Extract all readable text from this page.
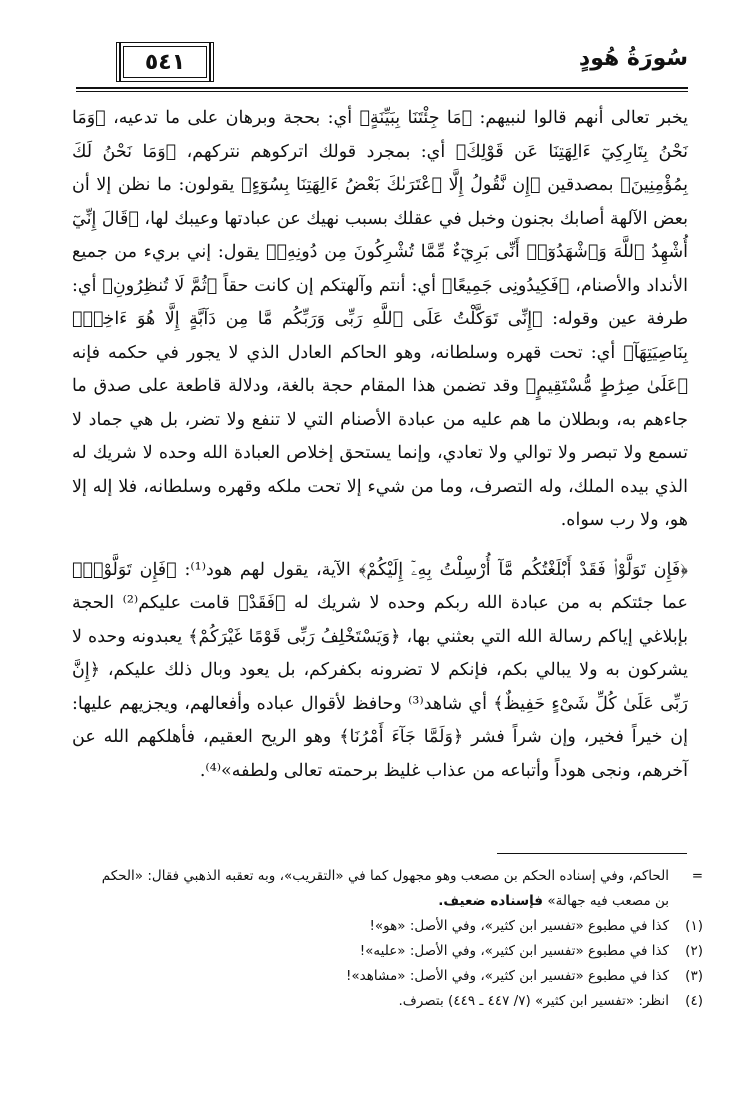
سُورَةُ هُودٍ
٥٤١

يخبر تعالى أنهم قالوا لنبيهم: ﴿مَا جِئْتَنَا بِبَيِّنَةٍ﴾ أي: بحجة وبرهان على ما تدعيه، ﴿وَمَا نَحْنُ بِتَارِكِيٓ ءَالِهَتِنَا عَن قَوْلِكَ﴾ أي: بمجرد قولك اتركوهم نتركهم، ﴿وَمَا نَحْنُ لَكَ بِمُؤْمِنِينَ﴾ بمصدقين ﴿إِن نَّقُولُ إِلَّا ٱعْتَرَىٰكَ بَعْضُ ءَالِهَتِنَا بِسُوٓءٍ﴾ يقولون: ما نظن إلا أن بعض الآلهة أصابك بجنون وخبل في عقلك بسبب نهيك عن عبادتها وعيبك لها، ﴿قَالَ إِنِّيٓ أُشْهِدُ ٱللَّهَ وَٱشْهَدُوٓا۟ أَنِّى بَرِيٓءٌ مِّمَّا تُشْرِكُونَ مِن دُونِهِۦ﴾ يقول: إني بريء من جميع الأنداد والأصنام، ﴿فَكِيدُونِى جَمِيعًا﴾ أي: أنتم وآلهتكم إن كانت حقاً ﴿ثُمَّ لَا تُنظِرُونِ﴾ أي: طرفة عين وقوله: ﴿إِنِّى تَوَكَّلْتُ عَلَى ٱللَّهِ رَبِّى وَرَبِّكُم مَّا مِن دَآبَّةٍ إِلَّا هُوَ ءَاخِذٌۢ بِنَاصِيَتِهَآ﴾ أي: تحت قهره وسلطانه، وهو الحاكم العادل الذي لا يجور في حكمه فإنه ﴿عَلَىٰ صِرَٰطٍ مُّسْتَقِيمٍ﴾ وقد تضمن هذا المقام حجة بالغة، ودلالة قاطعة على صدق ما جاءهم به، وبطلان ما هم عليه من عبادة الأصنام التي لا تنفع ولا تضر، بل هي جماد لا تسمع ولا تبصر ولا توالي ولا تعادي، وإنما يستحق إخلاص العبادة الله وحده لا شريك له الذي بيده الملك، وله التصرف، وما من شيء إلا تحت ملكه وقهره وسلطانه، فلا إله إلا هو، ولا رب سواه.

﴿فَإِن تَوَلَّوْا۟ فَقَدْ أَبْلَغْتُكُم مَّآ أُرْسِلْتُ بِهِۦٓ إِلَيْكُمْ﴾ الآية، يقول لهم هود⁽¹⁾: ﴿فَإِن تَوَلَّوْا۟﴾ عما جئتكم به من عبادة الله ربكم وحده لا شريك له ﴿فَقَدْ﴾ قامت عليكم⁽²⁾ الحجة بإبلاغي إياكم رسالة الله التي بعثني بها، ﴿وَيَسْتَخْلِفُ رَبِّى قَوْمًا غَيْرَكُمْ﴾ يعبدونه وحده لا يشركون به ولا يبالي بكم، فإنكم لا تضرونه بكفركم، بل يعود وبال ذلك عليكم، ﴿إِنَّ رَبِّى عَلَىٰ كُلِّ شَىْءٍ حَفِيظٌ﴾ أي شاهد⁽³⁾ وحافظ لأقوال عباده وأفعالهم، ويجزيهم عليها: إن خيراً فخير، وإن شراً فشر ﴿وَلَمَّا جَآءَ أَمْرُنَا﴾ وهو الريح العقيم، فأهلكهم الله عن آخرهم، ونجى هوداً وأتباعه من عذاب غليظ برحمته تعالى ولطفه»⁽⁴⁾.

=
الحاكم، وفي إسناده الحكم بن مصعب وهو مجهول كما في «التقريب»، وبه تعقبه الذهبي فقال: «الحكم بن مصعب فيه جهالة» فإسناده ضعيف.
(١)
كذا في مطبوع «تفسير ابن كثير»، وفي الأصل: «هو»!
(٢)
كذا في مطبوع «تفسير ابن كثير»، وفي الأصل: «عليه»!
(٣)
كذا في مطبوع «تفسير ابن كثير»، وفي الأصل: «مشاهد»!
(٤)
انظر: «تفسير ابن كثير» (٧/ ٤٤٧ ـ ٤٤٩) بتصرف.
